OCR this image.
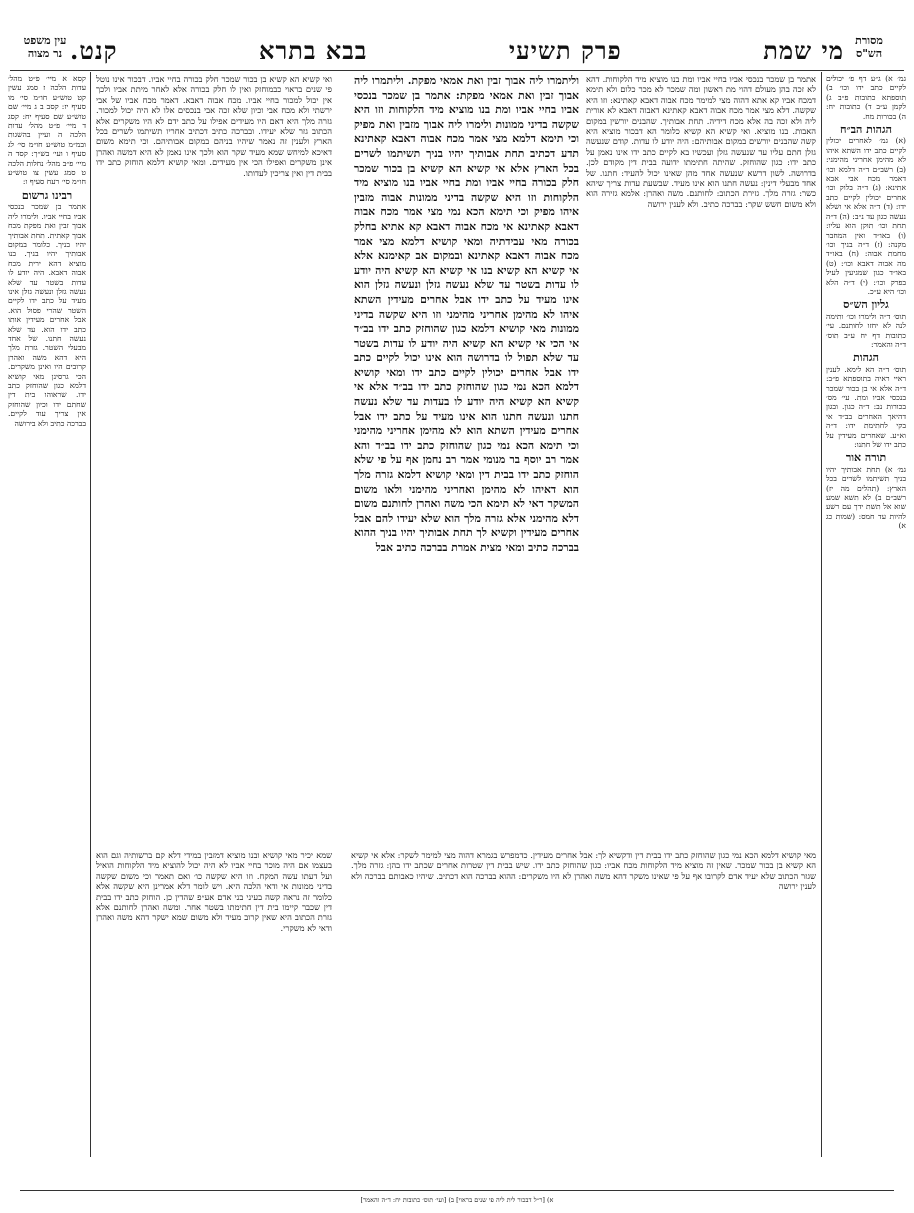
מסורת
הש"ס
עין משפט
נר מצוה	מי שמת
פרק תשיעי
בבא בתרא
קנט.
גמ׳ א) ג״ע דף פ׳ יכולים לקיים כתב ידו וכו׳ ב) תוספתא כתובות פ״ב ג) לקמן ע״ב ד) כתובות יח: ה) בכורות מח.
הגהות הב״ח
(א) גמ׳ לאחרים יכולין לקיים כתב ידו השתא איהו לא מהימן אחריני מהימני: (ב) רשב״ם ד״ה דלמא וכו׳ דאמר מכח אבי אבא אתינא: (ג) ד״ה בלוק וכו׳ אחרים יכולין לקיים כתב ידו: (ד) ד״ה אלא אי ושלא נעשה כגון עד נ״ב: (ה) ד״ה תחת וכו׳ תוקן הוא עליו: (ו) באו״ד ואין המחבר מקנה: (ז) ד״ה בניך וכו׳ מחמת אבוה: (ח) באו״ד מה אבוה דאבא וכו׳: (ט) באו״ד כגון שמגיעין לעיל בפרק וכו׳: (י) ד״ה הלא וכו׳ היא ע״כ.
גליון הש״ס
תוס׳ ד״ה ולימרו וכו׳ ותימה לנה לא יחזו לחותנם. עי׳ כתובות דף יח ע״ב תוס׳ ד״ה והאמר:
הגהות
תוס׳ ד״ה הא לימא. לענין ראיי ראיה בתוספתא פ״ב: ד״ה אלא אי בן בכור שמכר בנכסי אביו ומת. עי׳ מס׳ בכורות נב: ד״ה כגון. ובגון דהיאך האחרים בב״ד אי בקי לחתימת ידו: ד״ה וא״ע. שאחרים מעידין על כתב ידו של חתנו:
תורה אור
גמ׳ א) תחת אבותיך יהיו בניך תשיתמו לשרים בכל הארץ: (תהלים מה יז) רשב״ם ב) לא תשא שמע שוא אל תשת ידך עם רשע להיות עד חמס: (שמות כג א)
אתמר בן שמכר בנכסי אביו בחיי אביו ומת בנו מוציא מיד הלקוחות. דהא לא זכה בהן מעולם דהוי מת ראשון ומה שמכר לא מכר כלום ולא תימא דמכח אביו קא אתא דהוה מצי למימר מכח אבוה דאבא קאתינא: וזו היא שקשה. דלא מצי אמר מכח אבוה דאבא קאתינא דאבוה דאבא לא אורית ליה ולא זכה בה אלא מכח דידיה. תחת אבותיך. שהבנים יורשין במקום האבות. בנו מוציא. ואי קשיא הא קשיא כלומר הא דבכור מוציא היא קשה שהבנים יורשים במקום אבותיהם: היה יודע לו עדות. קודם שנעשה גזלן חתם עליו עד שנעשה גזלן ועכשיו בא לקיים כתב ידו אינו נאמן על כתב ידו: כגון שהוחזק. שהיתה חתימתו ידועה בבית דין מקודם לכן. בדרושה. לשון דרשא שנעשה אחד מהן שאינו יכול להעיד: חתנו. של אחד מבעלי דינין: נעשה חתנו הוא אינו מעיד. שבשעת עדות צריך שיהא כשר: גזרה מלך. גזירת הכתוב: לחותנם. משה ואהרן: אלמא גזירה הוא ולא משום חשש שקר: בברכה כתיב. ולא לענין ירושה
וליתמרו ליה אבוך זבין ואת אמאי מפקת. וליתמרו ליה אבוך זבין ואת אמאי מפקת: אתמר בן שמכר בנכסי אביו בחיי אביו ומת בנו מוציא מיד הלקוחות וזו היא שקשה בדיני ממונות ולימרו ליה אבוך מזבין ואת מפיק וכי תימא דלמא מצי אמר מכח אבוה דאבא קאתינא תדע דכתיב תחת אבותיך יהיו בניך תשיתמו לשרים בכל הארץ אלא אי קשיא הא קשיא בן בכור שמכר חלק בכורה בחיי אביו ומת בחיי אביו בנו מוציא מיד הלקוחות וזו היא שקשה בדיני ממונות אבוה מזבין איהו מפיק וכי תימא הכא נמי מצי אמר מכח אבוה דאבא קאתינא אי מכח אבוה דאבא קא אתיא בחלק בכורה מאי עבידתיה ומאי קושיא דלמא מצי אמר מכח אבוה דאבא קאתינא ובמקום אב קאימנא אלא אי קשיא הא קשיא בנו אי קשיא הא קשיא היה יודע לו עדות בשטר עד שלא נעשה גזלן ונעשה גזלן הוא אינו מעיד על כתב ידו אבל אחרים מעידין השתא איהו לא מהימן אחריני מהימני וזו היא שקשה בדיני ממונות מאי קושיא דלמא כגון שהוחזק כתב ידו בב״ד אי הכי אי קשיא הא קשיא היה יודע לו עדות בשטר עד שלא תפול לו בדרושה הוא אינו יכול לקיים כתב ידו אבל אחרים יכולין לקיים כתב ידו ומאי קושיא דלמא הכא נמי כגון שהוחזק כתב ידו בב״ד אלא אי קשיא הא קשיא היה יודע לו בעדות עד שלא נעשה חתנו ונעשה חתנו הוא אינו מעיד על כתב ידו אבל אחרים מעידין השתא הוא לא מהימן אחריני מהימני וכי תימא הכא נמי כגון שהוחזק כתב ידו בב״ד והא אמר רב יוסף בר מנומי אמר רב נחמן אף על פי שלא הוחזק כתב ידו בבית דין ומאי קושיא דלמא גזרה מלך הוא דאיהו לא מהימן ואחריני מהימני ולאו משום המשקר דאי לא תימא הכי משה ואהרן לחותנם משום דלא מהימני אלא גזרה מלך הוא שלא יעידו להם אבל אחרים מעידין וקשיא לך תחת אבותיך יהיו בניך ההוא בברכה כתיב ומאי מצית אמרת בברכה כתיב אבל
ואי קשיא הא קשיא בן בכור שמכר חלק בכורה בחיי אביו. דבכור אינו נוטל פי שנים בראוי כבמוחזק ואין לו חלק בכורה אלא לאחר מיתת אביו ולכך אין יכול למכור בחיי אביו. מכח אבוה דאבא. דאמר מכח אביו של אבי ירשתי ולא מכח אבי וכיון שלא זכה אבי בנכסים אלו לא היה יכול למכור. גזרה מלך היא דאם היו מעידים אפילו על כתב ידם לא היו משקרים אלא הכתוב גזר שלא יעידו. ובברכה כתיב דכתיב אחריו תשיתמו לשרים בכל הארץ ולענין זה נאמר שיהיו בניהם במקום אבותיהם. וכי תימא משום דאיכא למיחש שמא מעיד שקר הוא ולכך אינו נאמן לא היא דמשה ואהרן אינן משקרים ואפילו הכי אין מעידים. ומאי קושיא דלמא הוחזק כתב ידו בבית דין ואין צריכין לעדותו.
מאי קושיא דלמא הכא נמי כגון שהוחזק כתב ידו בבית דין ודקשיא לך: אבל אחרים מעידין. כדמפרש בגמרא דהוה מצי למימר לשקר: אלא אי קשיא הא קשיא בן בכור שמכר. שאין זה מוציא מיד הלקוחות מכח אביו: כגון שהוחזק כתב ידו. שיש בבית דין שטרות אחרים שכתב ידו בהן: גזרה מלך. שגזר הכתוב שלא יעיד אדם לקרובו אף על פי שאינו משקר דהא משה ואהרן לא היו משקרים: ההוא בברכה הוא דכתיב. שיהיו כאבותם בברכה ולא לענין ירושה
קסא א מיי׳ פ״ט מהל׳ עדות הלכה ז סמג עשין קט טוש״ע חו״מ סי׳ מו סעיף יז: קסב ב ג מיי׳ שם טוש״ע שם סעיף יח: קסג ד מיי׳ פ״ט מהל׳ עדות הלכה ה ועיין בהשגות ובמ״מ טוש״ע חו״מ סי׳ לג סעיף ו ועי׳ בש״ך: קסד ה מיי׳ פ״ב מהל׳ נחלות הלכה ט סמג עשין צו טוש״ע חו״מ סי׳ רעח סעיף ו:
רבינו גרשום
אתמר בן שמכר בנכסי אביו בחיי אביו. ולימרו ליה אבוך זבין ואת מפקת מכח אבוך קאתית. תחת אבותיך יהיו בניך. כלומר במקום אבותיך יהיו בניך. בנו מוציא דהא ירית מכח אבוה דאבא. היה יודע לו עדות בשטר עד שלא נעשה גזלן ונעשה גזלן אינו מעיד על כתב ידו לקיים השטר שהרי פסול הוא. אבל אחרים מעידין אותו כתב ידו הוא. עד שלא נעשה חתנו. של אחד מבעלי השטר. גזרת מלך היא דהא משה ואהרן קרובים היו ואינן משקרים. הכי גרסינן מאי קושיא דלמא כגון שהוחזק כתב ידו. שראוהו בית דין שחתם ידו וכיון שהוחזק אין צריך עוד לקיים. בברכה כתיב ולא בירושה
שמא יכיר מאי קושיא ובנו מוציא דמזבין במידי דלא קם ברשותיה וגם הוא בעצמו אם היה מוכר בחיי אביו לא היה יכול להוציא מיד הלקוחות הואיל ועל דעתו עשה המקח. וזו היא שקשה כו׳ ואם תאמר וכי משום שקשה בדיני ממונות אי ודאי הלכה היא. ויש לומר דלא אמרינן היא שקשה אלא כלומר זה נראה קשה בעיני בני אדם אע״פ שהדין כן. הוחזק כתב ידו בבית דין שכבר קיימו בית דין חתימתו בשטר אחר. ומשה ואהרן לחותנם אלא גזרת הכתוב היא שאין קרוב מעיד ולא משום שמא ישקר דהא משה ואהרן ודאי לא משקרי.
א) [ר״ל דבכור לית ליה פי שנים בראוי] ב) [ועי׳ תוס׳ כתובות יח: ד״ה והאמר]
